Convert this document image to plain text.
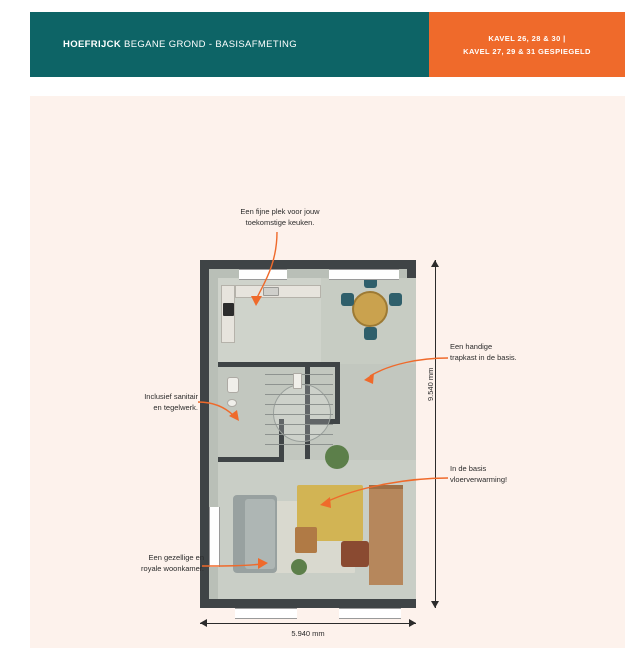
HOEFRIJCK BEGANE GROND - BASISAFMETING
KAVEL 26, 28 & 30 |
KAVEL 27, 29 & 31 GESPIEGELD
9.540 mm
5.940 mm
Een fijne plek voor jouw
toekomstige keuken.
Een handige
trapkast in de basis.
Inclusief sanitair
en tegelwerk.
In de basis
vloerverwarming!
Een gezellige en
royale woonkamer.
